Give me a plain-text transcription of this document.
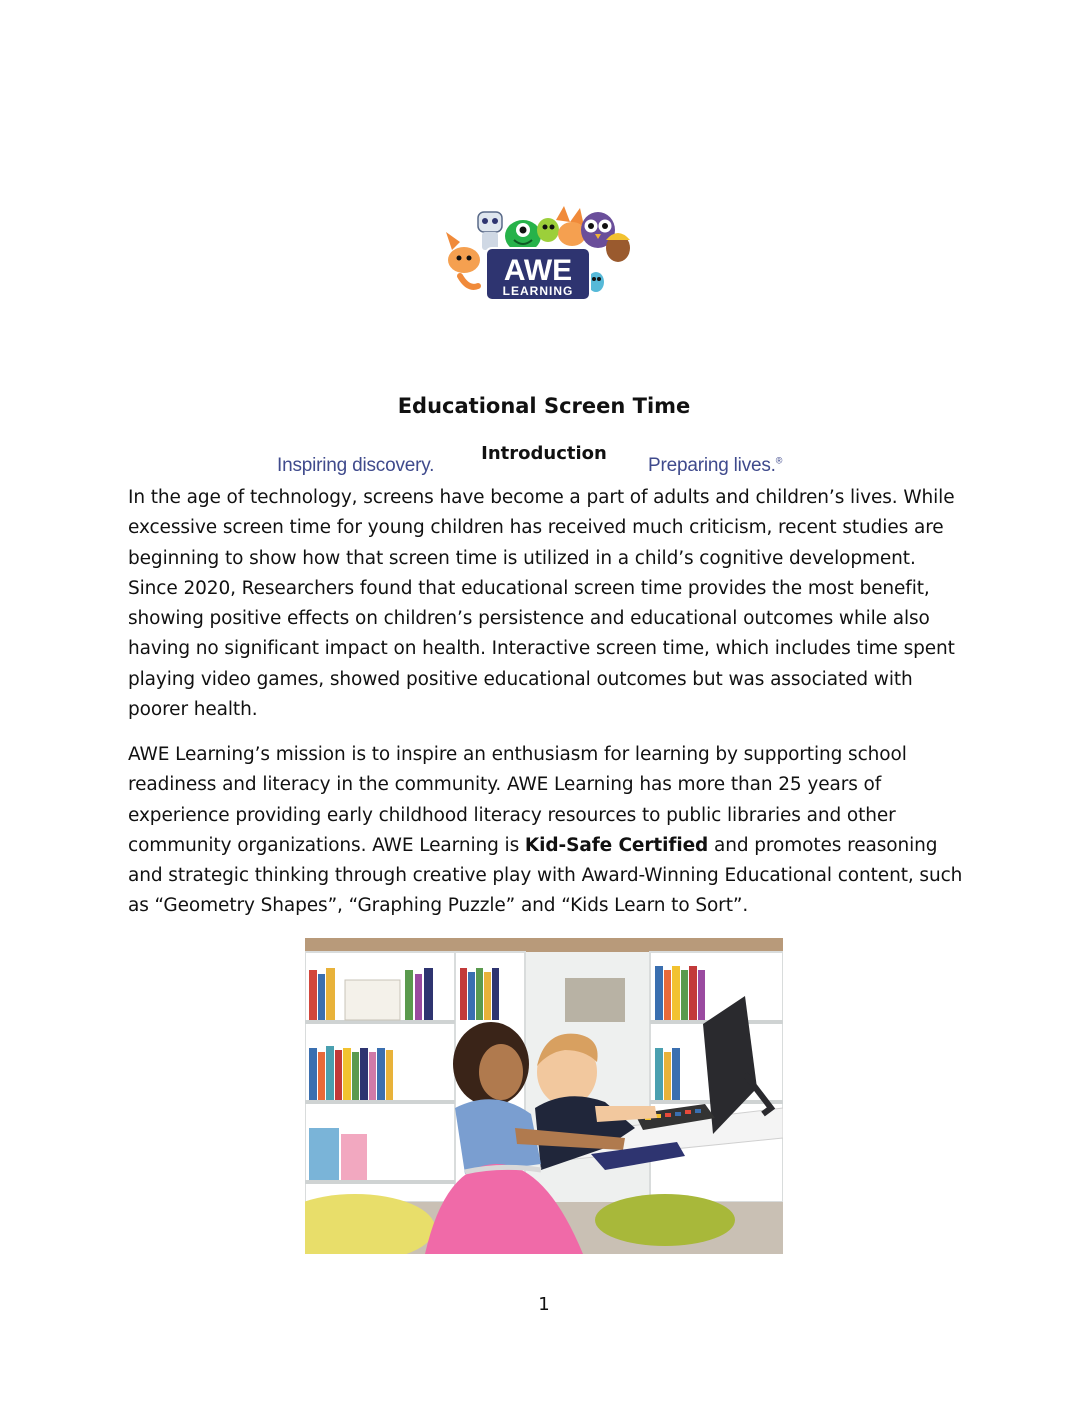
Inspiring discovery.	Preparing lives.®
AWE
LEARNING
Educational Screen Time
Introduction

In the age of technology, screens have become a part of adults and children’s lives. While excessive screen time for young children has received much criticism, recent studies are beginning to show how that screen time is utilized in a child’s cognitive development. Since 2020, Researchers found that educational screen time provides the most benefit, showing positive effects on children’s persistence and educational outcomes while also having no significant impact on health. Interactive screen time, which includes time spent playing video games, showed positive educational outcomes but was associated with poorer health.

AWE Learning’s mission is to inspire an enthusiasm for learning by supporting school readiness and literacy in the community. AWE Learning has more than 25 years of experience providing early childhood literacy resources to public libraries and other community organizations. AWE Learning is Kid-Safe Certified and promotes reasoning and strategic thinking through creative play with Award-Winning Educational content, such as “Geometry Shapes”, “Graphing Puzzle” and “Kids Learn to Sort”.

1
